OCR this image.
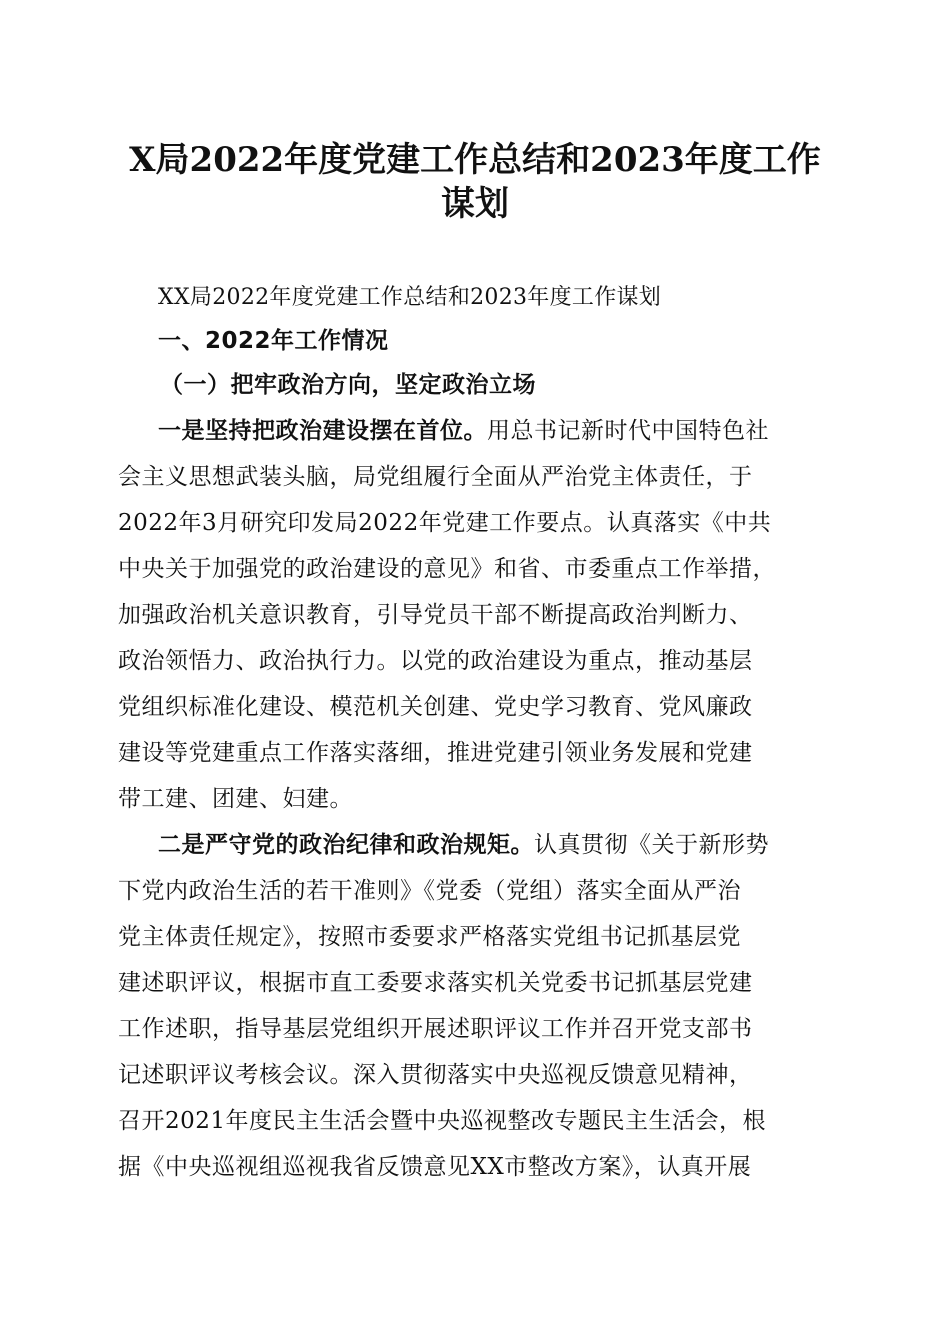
X局2022年度党建工作总结和2023年度工作
谋划
XX局2022年度党建工作总结和2023年度工作谋划
一、2022年工作情况
（一）把牢政治方向，坚定政治立场
一是坚持把政治建设摆在首位。用总书记新时代中国特色社
会主义思想武装头脑，局党组履行全面从严治党主体责任，于
2022年3月研究印发局2022年党建工作要点。认真落实《中共
中央关于加强党的政治建设的意见》和省、市委重点工作举措，
加强政治机关意识教育，引导党员干部不断提高政治判断力、
政治领悟力、政治执行力。以党的政治建设为重点，推动基层
党组织标准化建设、模范机关创建、党史学习教育、党风廉政
建设等党建重点工作落实落细，推进党建引领业务发展和党建
带工建、团建、妇建。
二是严守党的政治纪律和政治规矩。认真贯彻《关于新形势
下党内政治生活的若干准则》《党委（党组）落实全面从严治
党主体责任规定》，按照市委要求严格落实党组书记抓基层党
建述职评议，根据市直工委要求落实机关党委书记抓基层党建
工作述职，指导基层党组织开展述职评议工作并召开党支部书
记述职评议考核会议。深入贯彻落实中央巡视反馈意见精神，
召开2021年度民主生活会暨中央巡视整改专题民主生活会，根
据《中央巡视组巡视我省反馈意见XX市整改方案》，认真开展
